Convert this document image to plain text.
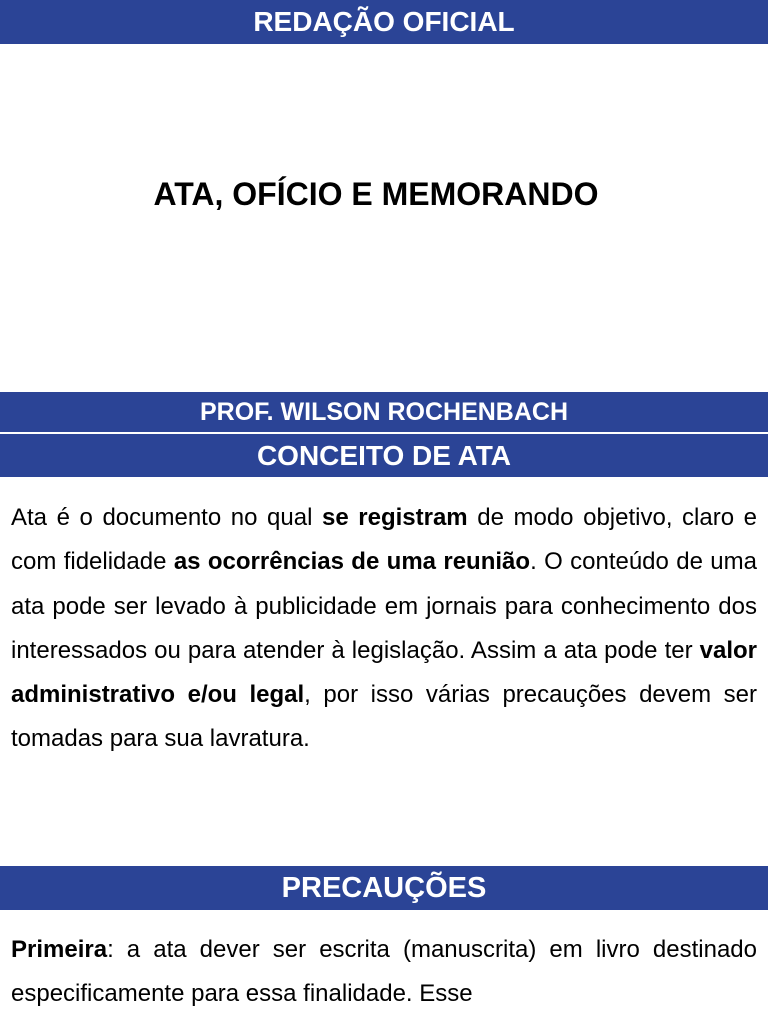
REDAÇÃO OFICIAL
ATA, OFÍCIO E MEMORANDO
PROF. WILSON ROCHENBACH
CONCEITO DE ATA

Ata é o documento no qual se registram de modo objetivo, claro e com fidelidade as ocorrências de uma reunião. O conteúdo de uma ata pode ser levado à publicidade em jornais para conhecimento dos interessados ou para atender à legislação. Assim a ata pode ter valor administrativo e/ou legal, por isso várias precauções devem ser tomadas para sua lavratura.

PRECAUÇÕES

Primeira: a ata dever ser escrita (manuscrita) em livro destinado especificamente para essa finalidade. Esse
